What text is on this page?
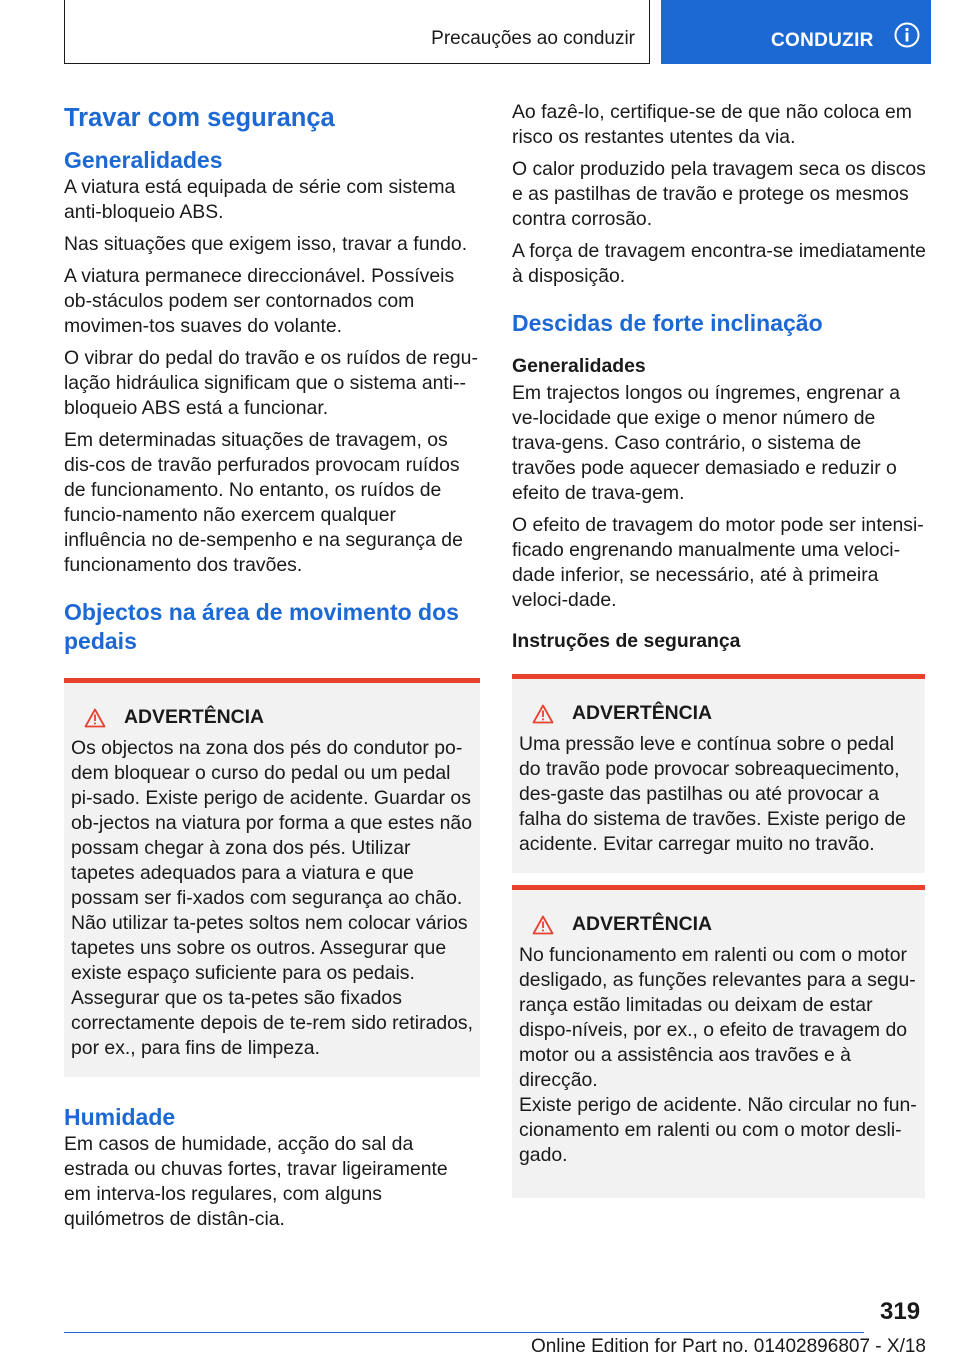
Precauções ao conduzir	CONDUZIR
Travar com segurança
Generalidades

A viatura está equipada de série com sistema anti-bloqueio ABS.

Nas situações que exigem isso, travar a fundo.

A viatura permanece direccionável. Possíveis ob‐stáculos podem ser contornados com movimen‐tos suaves do volante.

O vibrar do pedal do travão e os ruídos de regu‐lação hidráulica significam que o sistema anti‐-bloqueio ABS está a funcionar.

Em determinadas situações de travagem, os dis‐cos de travão perfurados provocam ruídos de funcionamento. No entanto, os ruídos de funcio‐namento não exercem qualquer influência no de‐sempenho e na segurança de funcionamento dos travões.

Objectos na área de movimento dos pedais
ADVERTÊNCIA

Os objectos na zona dos pés do condutor po‐dem bloquear o curso do pedal ou um pedal pi‐sado. Existe perigo de acidente. Guardar os ob‐jectos na viatura por forma a que estes não possam chegar à zona dos pés. Utilizar tapetes adequados para a viatura e que possam ser fi‐xados com segurança ao chão. Não utilizar ta‐petes soltos nem colocar vários tapetes uns sobre os outros. Assegurar que existe espaço suficiente para os pedais. Assegurar que os ta‐petes são fixados correctamente depois de te‐rem sido retirados, por ex., para fins de limpeza.

Humidade

Em casos de humidade, acção do sal da estrada ou chuvas fortes, travar ligeiramente em interva‐los regulares, com alguns quilómetros de distân‐cia.

Ao fazê-lo, certifique-se de que não coloca em risco os restantes utentes da via.

O calor produzido pela travagem seca os discos e as pastilhas de travão e protege os mesmos contra corrosão.

A força de travagem encontra-se imediatamente à disposição.

Descidas de forte inclinação
Generalidades

Em trajectos longos ou íngremes, engrenar a ve‐locidade que exige o menor número de trava‐gens. Caso contrário, o sistema de travões pode aquecer demasiado e reduzir o efeito de trava‐gem.

O efeito de travagem do motor pode ser intensi‐ficado engrenando manualmente uma veloci‐dade inferior, se necessário, até à primeira veloci‐dade.

Instruções de segurança
ADVERTÊNCIA

Uma pressão leve e contínua sobre o pedal do travão pode provocar sobreaquecimento, des‐gaste das pastilhas ou até provocar a falha do sistema de travões. Existe perigo de acidente. Evitar carregar muito no travão.

ADVERTÊNCIA

No funcionamento em ralenti ou com o motor desligado, as funções relevantes para a segu‐rança estão limitadas ou deixam de estar dispo‐níveis, por ex., o efeito de travagem do motor ou a assistência aos travões e à direcção.

Existe perigo de acidente. Não circular no fun‐cionamento em ralenti ou com o motor desli‐gado.

319
Online Edition for Part no. 01402896807 - X/18
